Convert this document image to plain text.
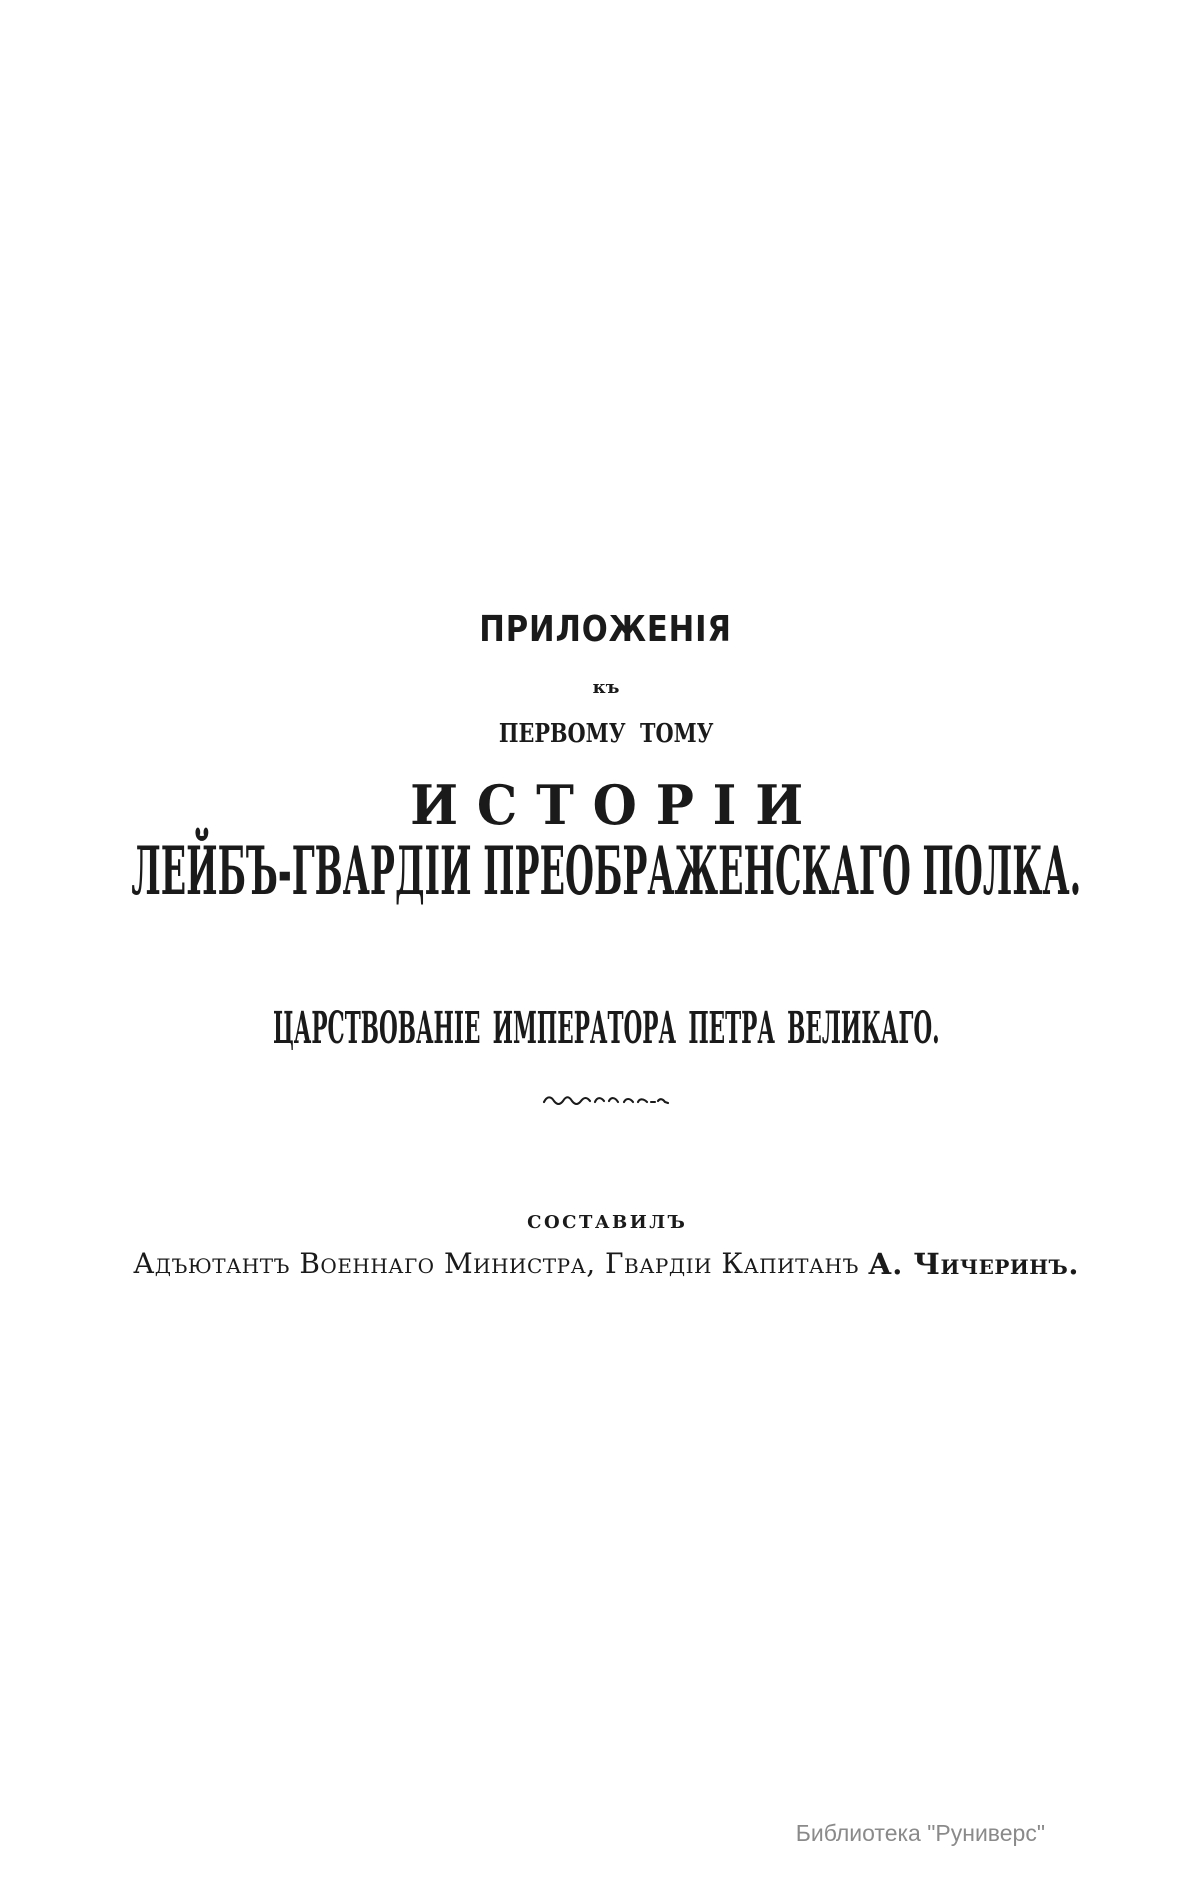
ПРИЛОЖЕНІЯ
къ
ПЕРВОМУ ТОМУ
ИСТОРІИ
ЛЕЙБЪ-ГВАРДІИ ПРЕОБРАЖЕНСКАГО ПОЛКА.
ЦАРСТВОВАНІЕ ИМПЕРАТОРА ПЕТРА ВЕЛИКАГО.
СОСТАВИЛЪ
Адъютантъ Военнаго Министра, Гвардіи Капитанъ А. Чичеринъ.
Библиотека "Руниверс"
